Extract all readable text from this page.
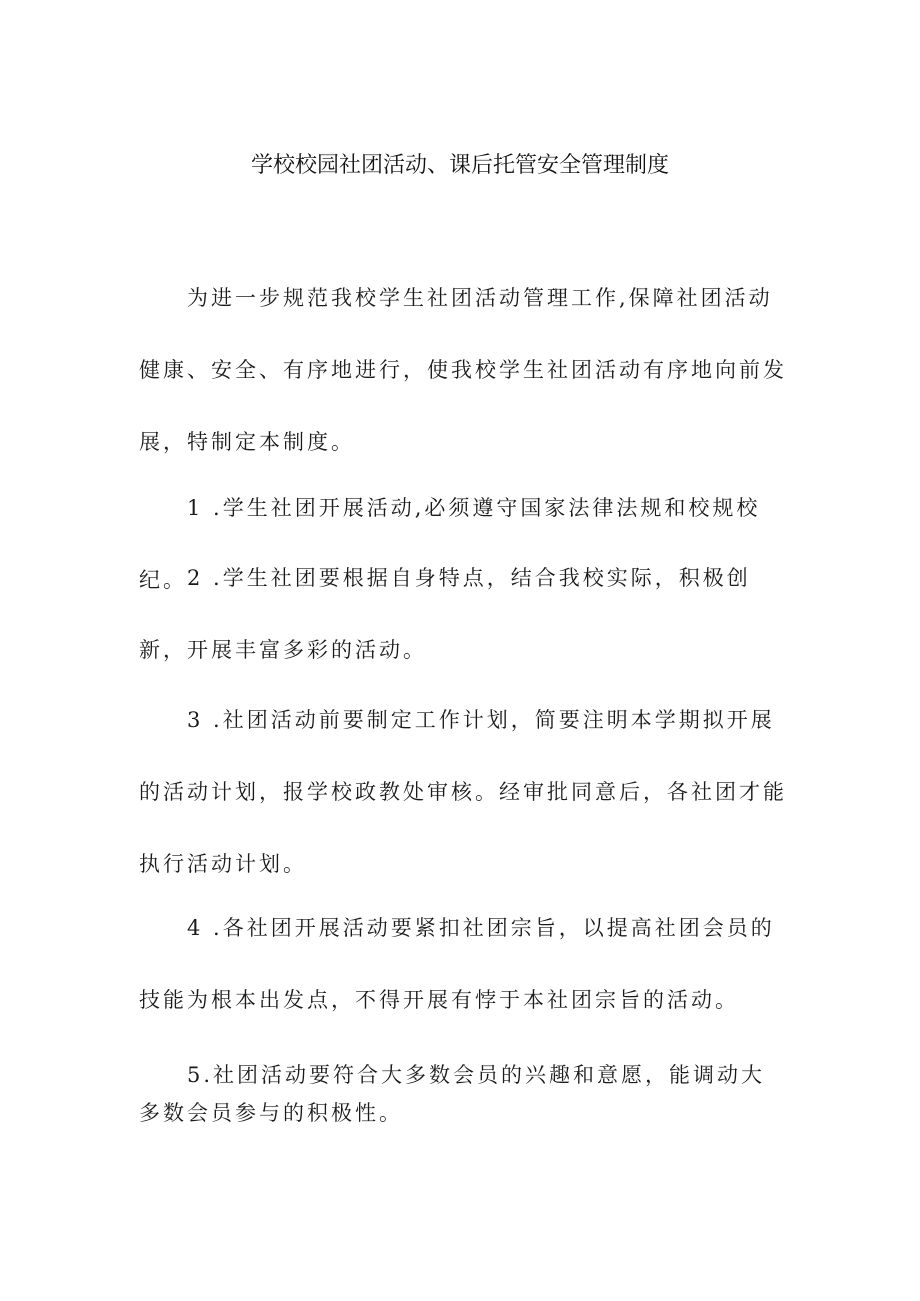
学校校园社团活动、课后托管安全管理制度

为进一步规范我校学生社团活动管理工作,保障社团活动健康、安全、有序地进行，使我校学生社团活动有序地向前发展，特制定本制度。

1 .学生社团开展活动,必须遵守国家法律法规和校规校纪。 2 .学生社团要根据自身特点，结合我校实际，积极创新，开展丰富多彩的活动。

3 .社团活动前要制定工作计划，简要注明本学期拟开展的活动计划，报学校政教处审核。经审批同意后，各社团才能执行活动计划。

4 .各社团开展活动要紧扣社团宗旨，以提高社团会员的技能为根本出发点，不得开展有悖于本社团宗旨的活动。

5.社团活动要符合大多数会员的兴趣和意愿，能调动大多数会员参与的积极性。
